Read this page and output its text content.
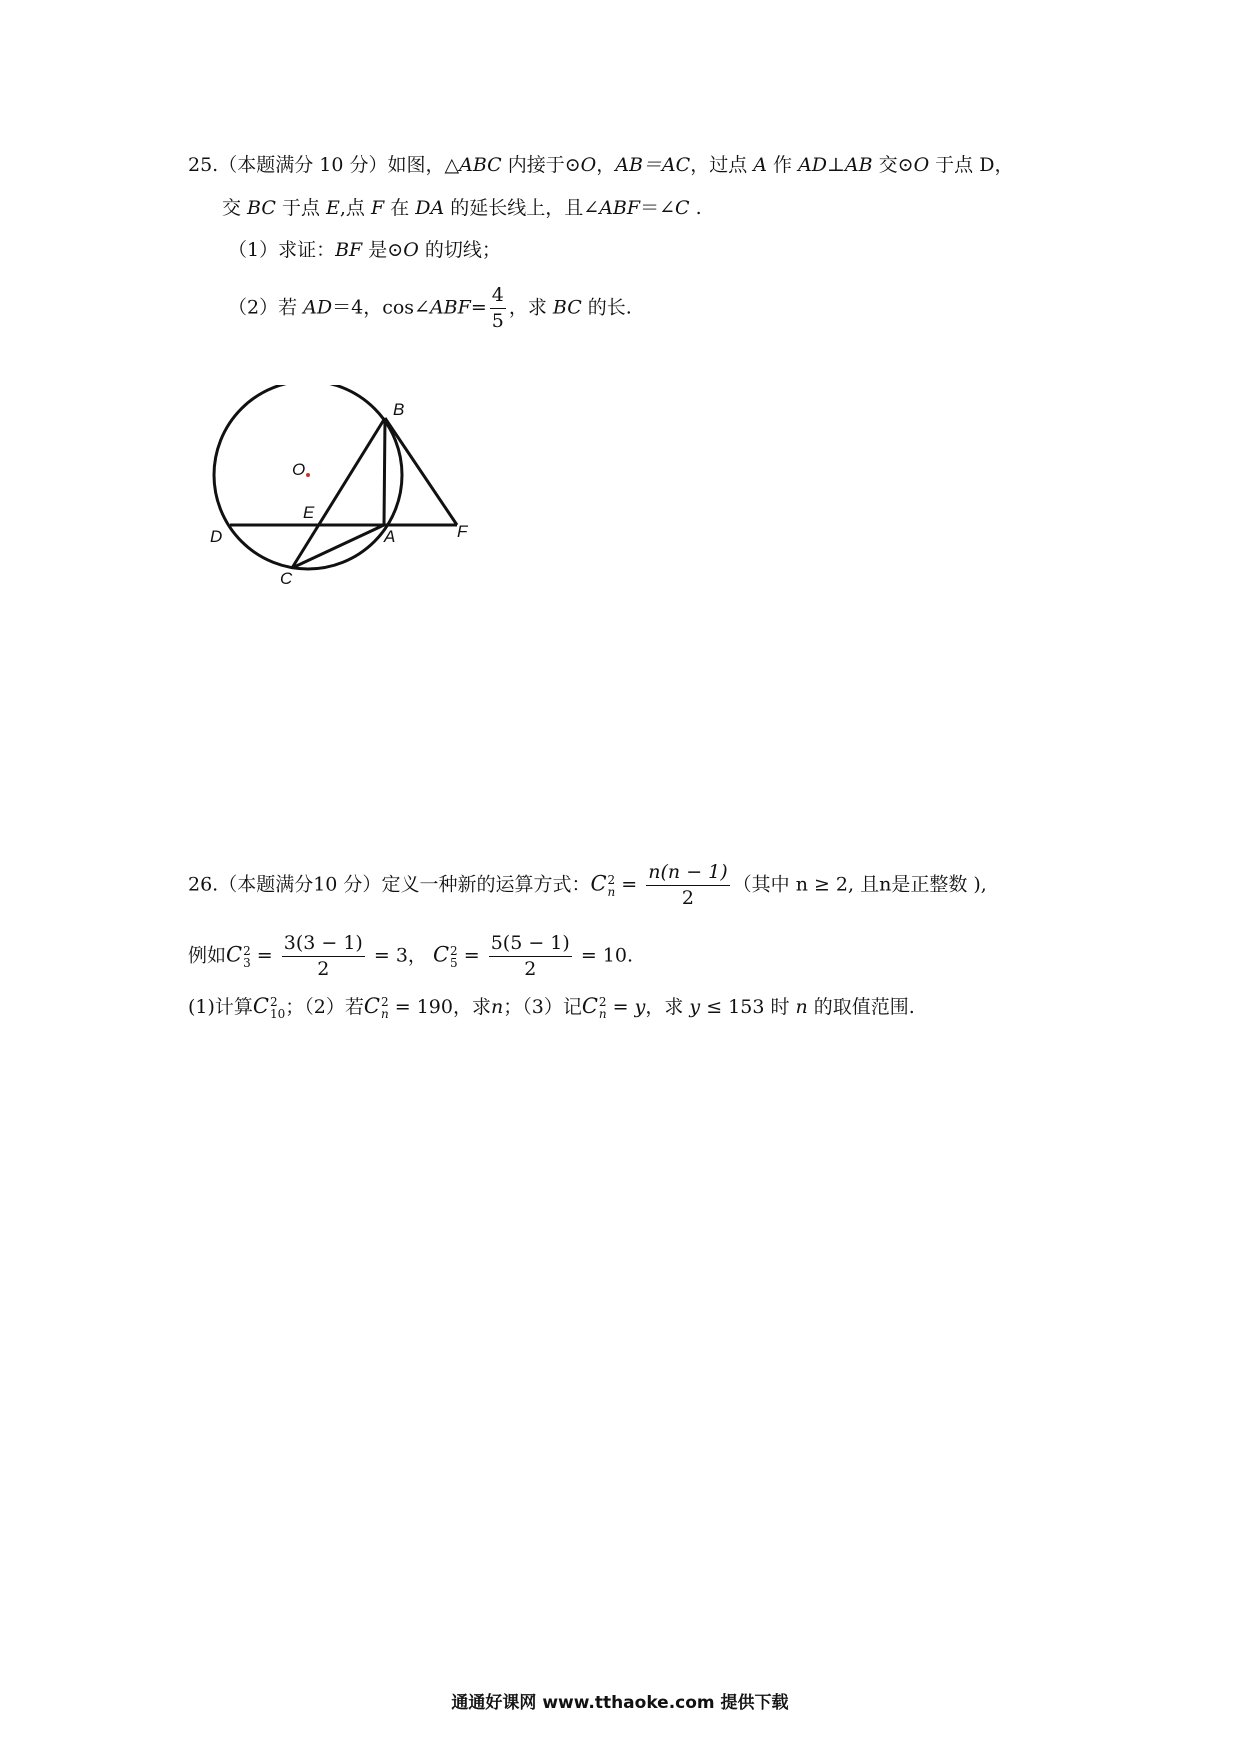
25.（本题满分 10 分）如图，△ABC 内接于⊙O，AB＝AC，过点 A 作 AD⊥AB 交⊙O 于点 D，
交 BC 于点 E,点 F 在 DA 的延长线上，且∠ABF＝∠C .
（1）求证：BF 是⊙O 的切线；
（2）若 AD＝4，cos∠ABF= $\frac{4}{5}$ ，求 BC 的长.
B
O
E
D	A	F
C
26.（本题满分10 分）定义一种新的运算方式：C 2
$n = \frac{n(n - 1)}{2}$ （其中 n ≥ 2, 且n是正整数 ),
例如C 2
$3 = \frac{3(3 - 1)}{2} = 3$， C 2
$5 = \frac{5(5 - 1)}{2} = 10$.
(1)计算C 2
10 ；（2）若C 2
n = 190，求n；（3）记C 2
n = y，求 y ≤ 153 时 n 的取值范围.
通通好课网 www.tthaoke.com 提供下载
